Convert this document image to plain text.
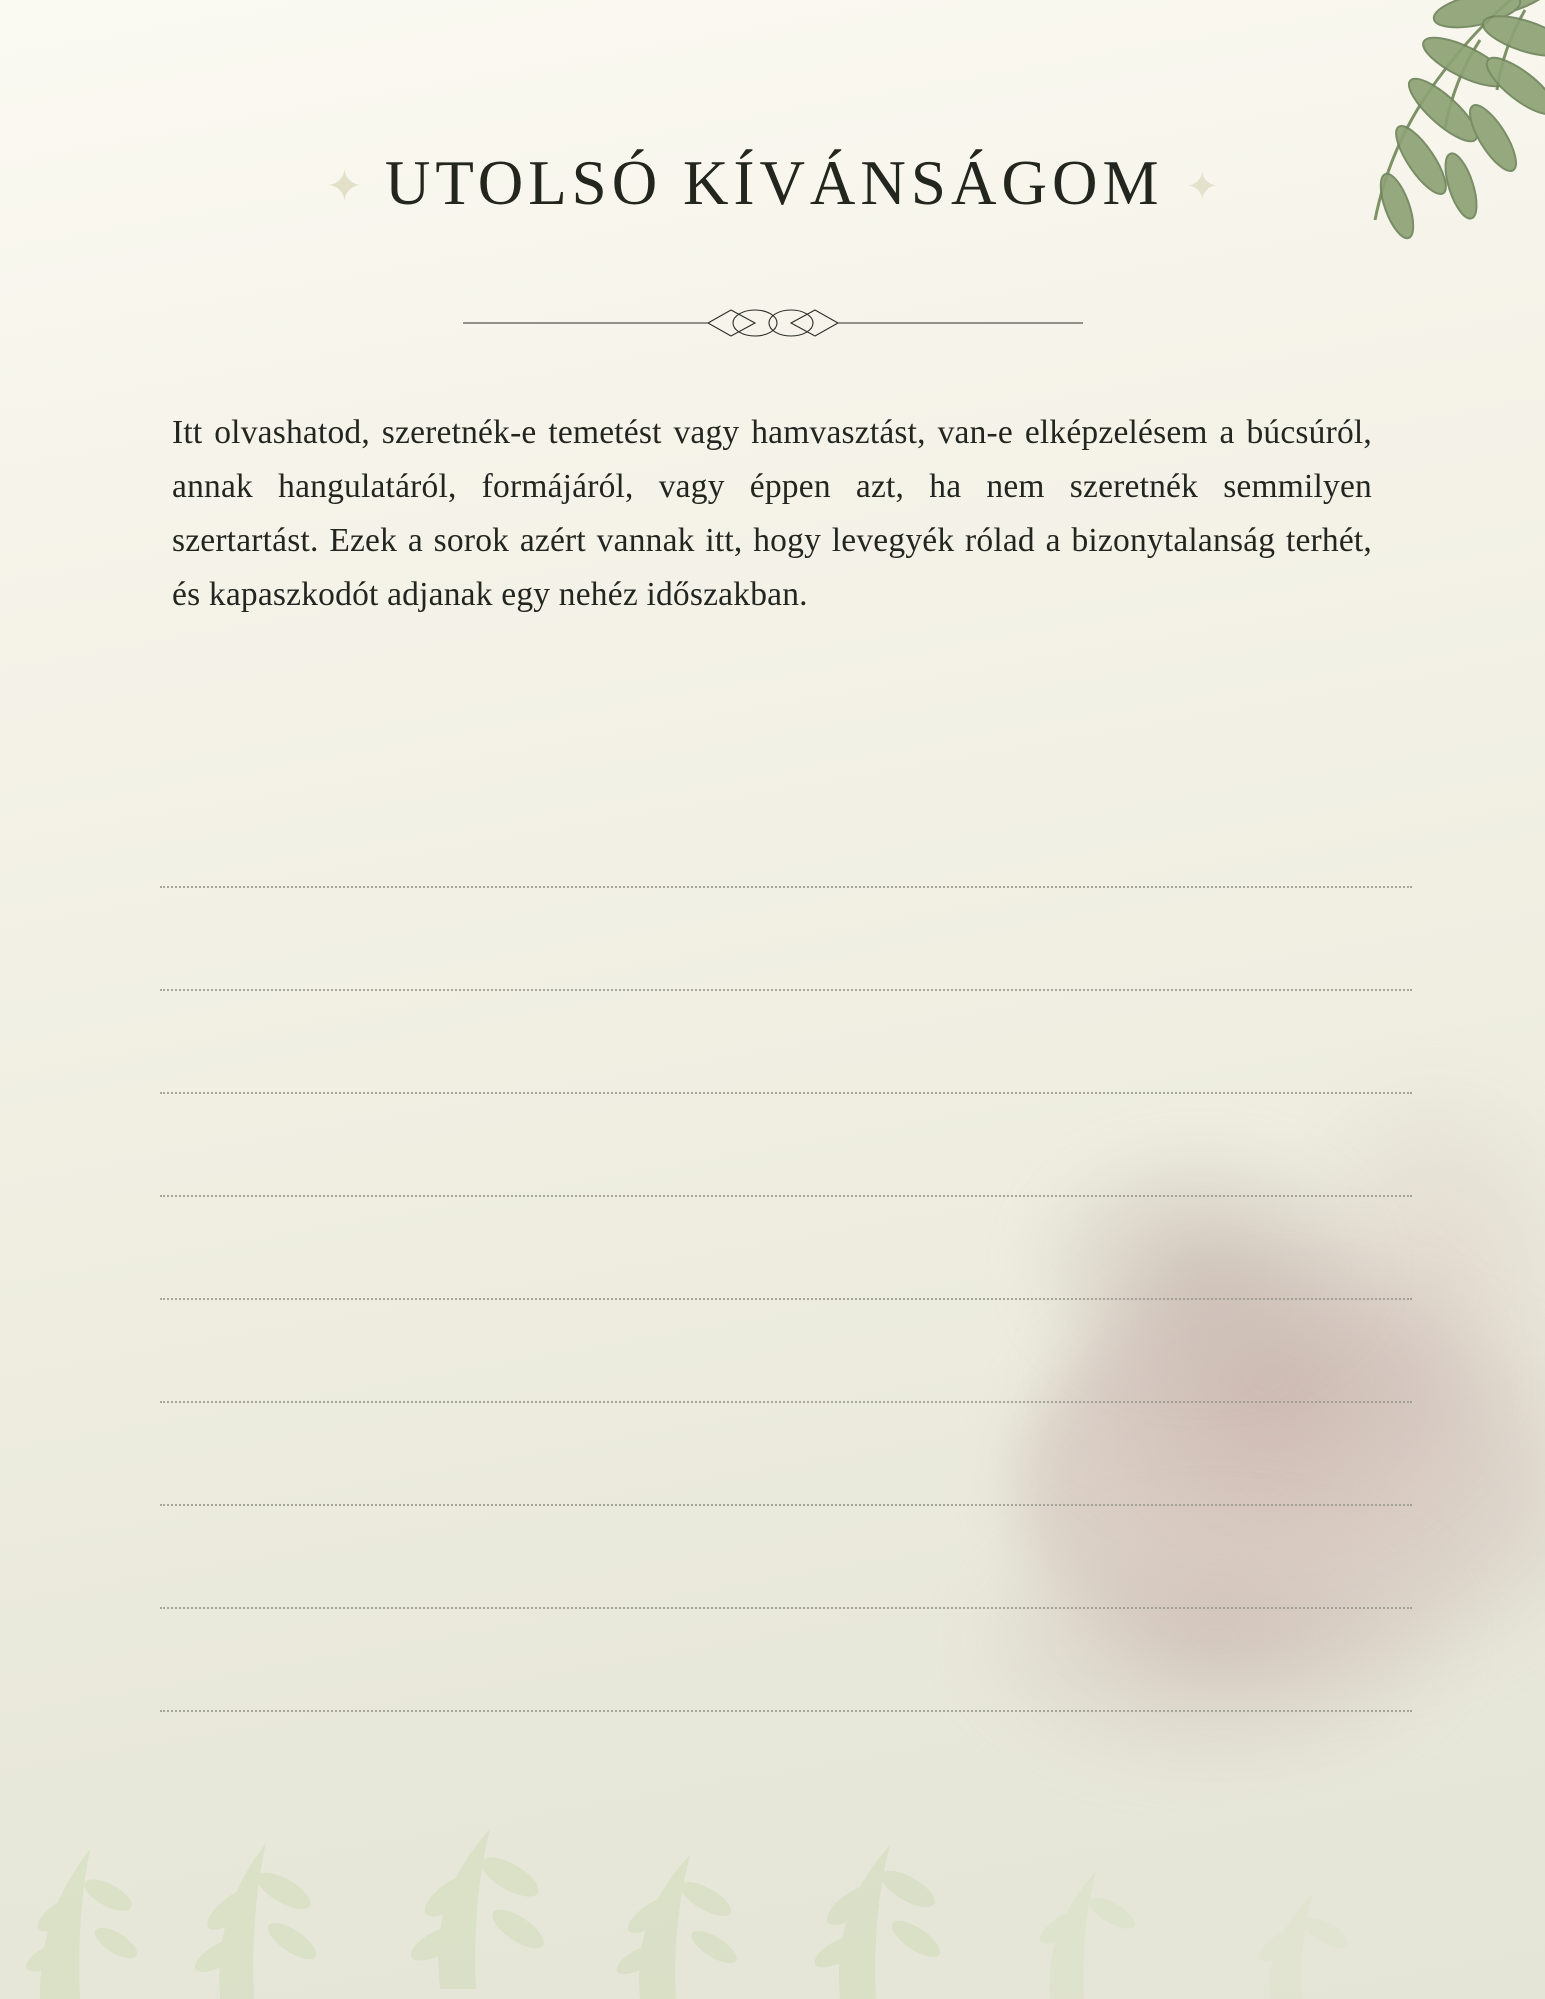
✦ UTOLSÓ KÍVÁNSÁGOM ✦

Itt olvashatod, szeretnék-e temetést vagy hamvasztást, van-e elképzelésem a búcsúról, annak hangulatáról, formájáról, vagy éppen azt, ha nem szeretnék semmilyen szertartást. Ezek a sorok azért vannak itt, hogy levegyék rólad a bizonytalanság terhét, és kapaszkodót adjanak egy nehéz időszakban.
